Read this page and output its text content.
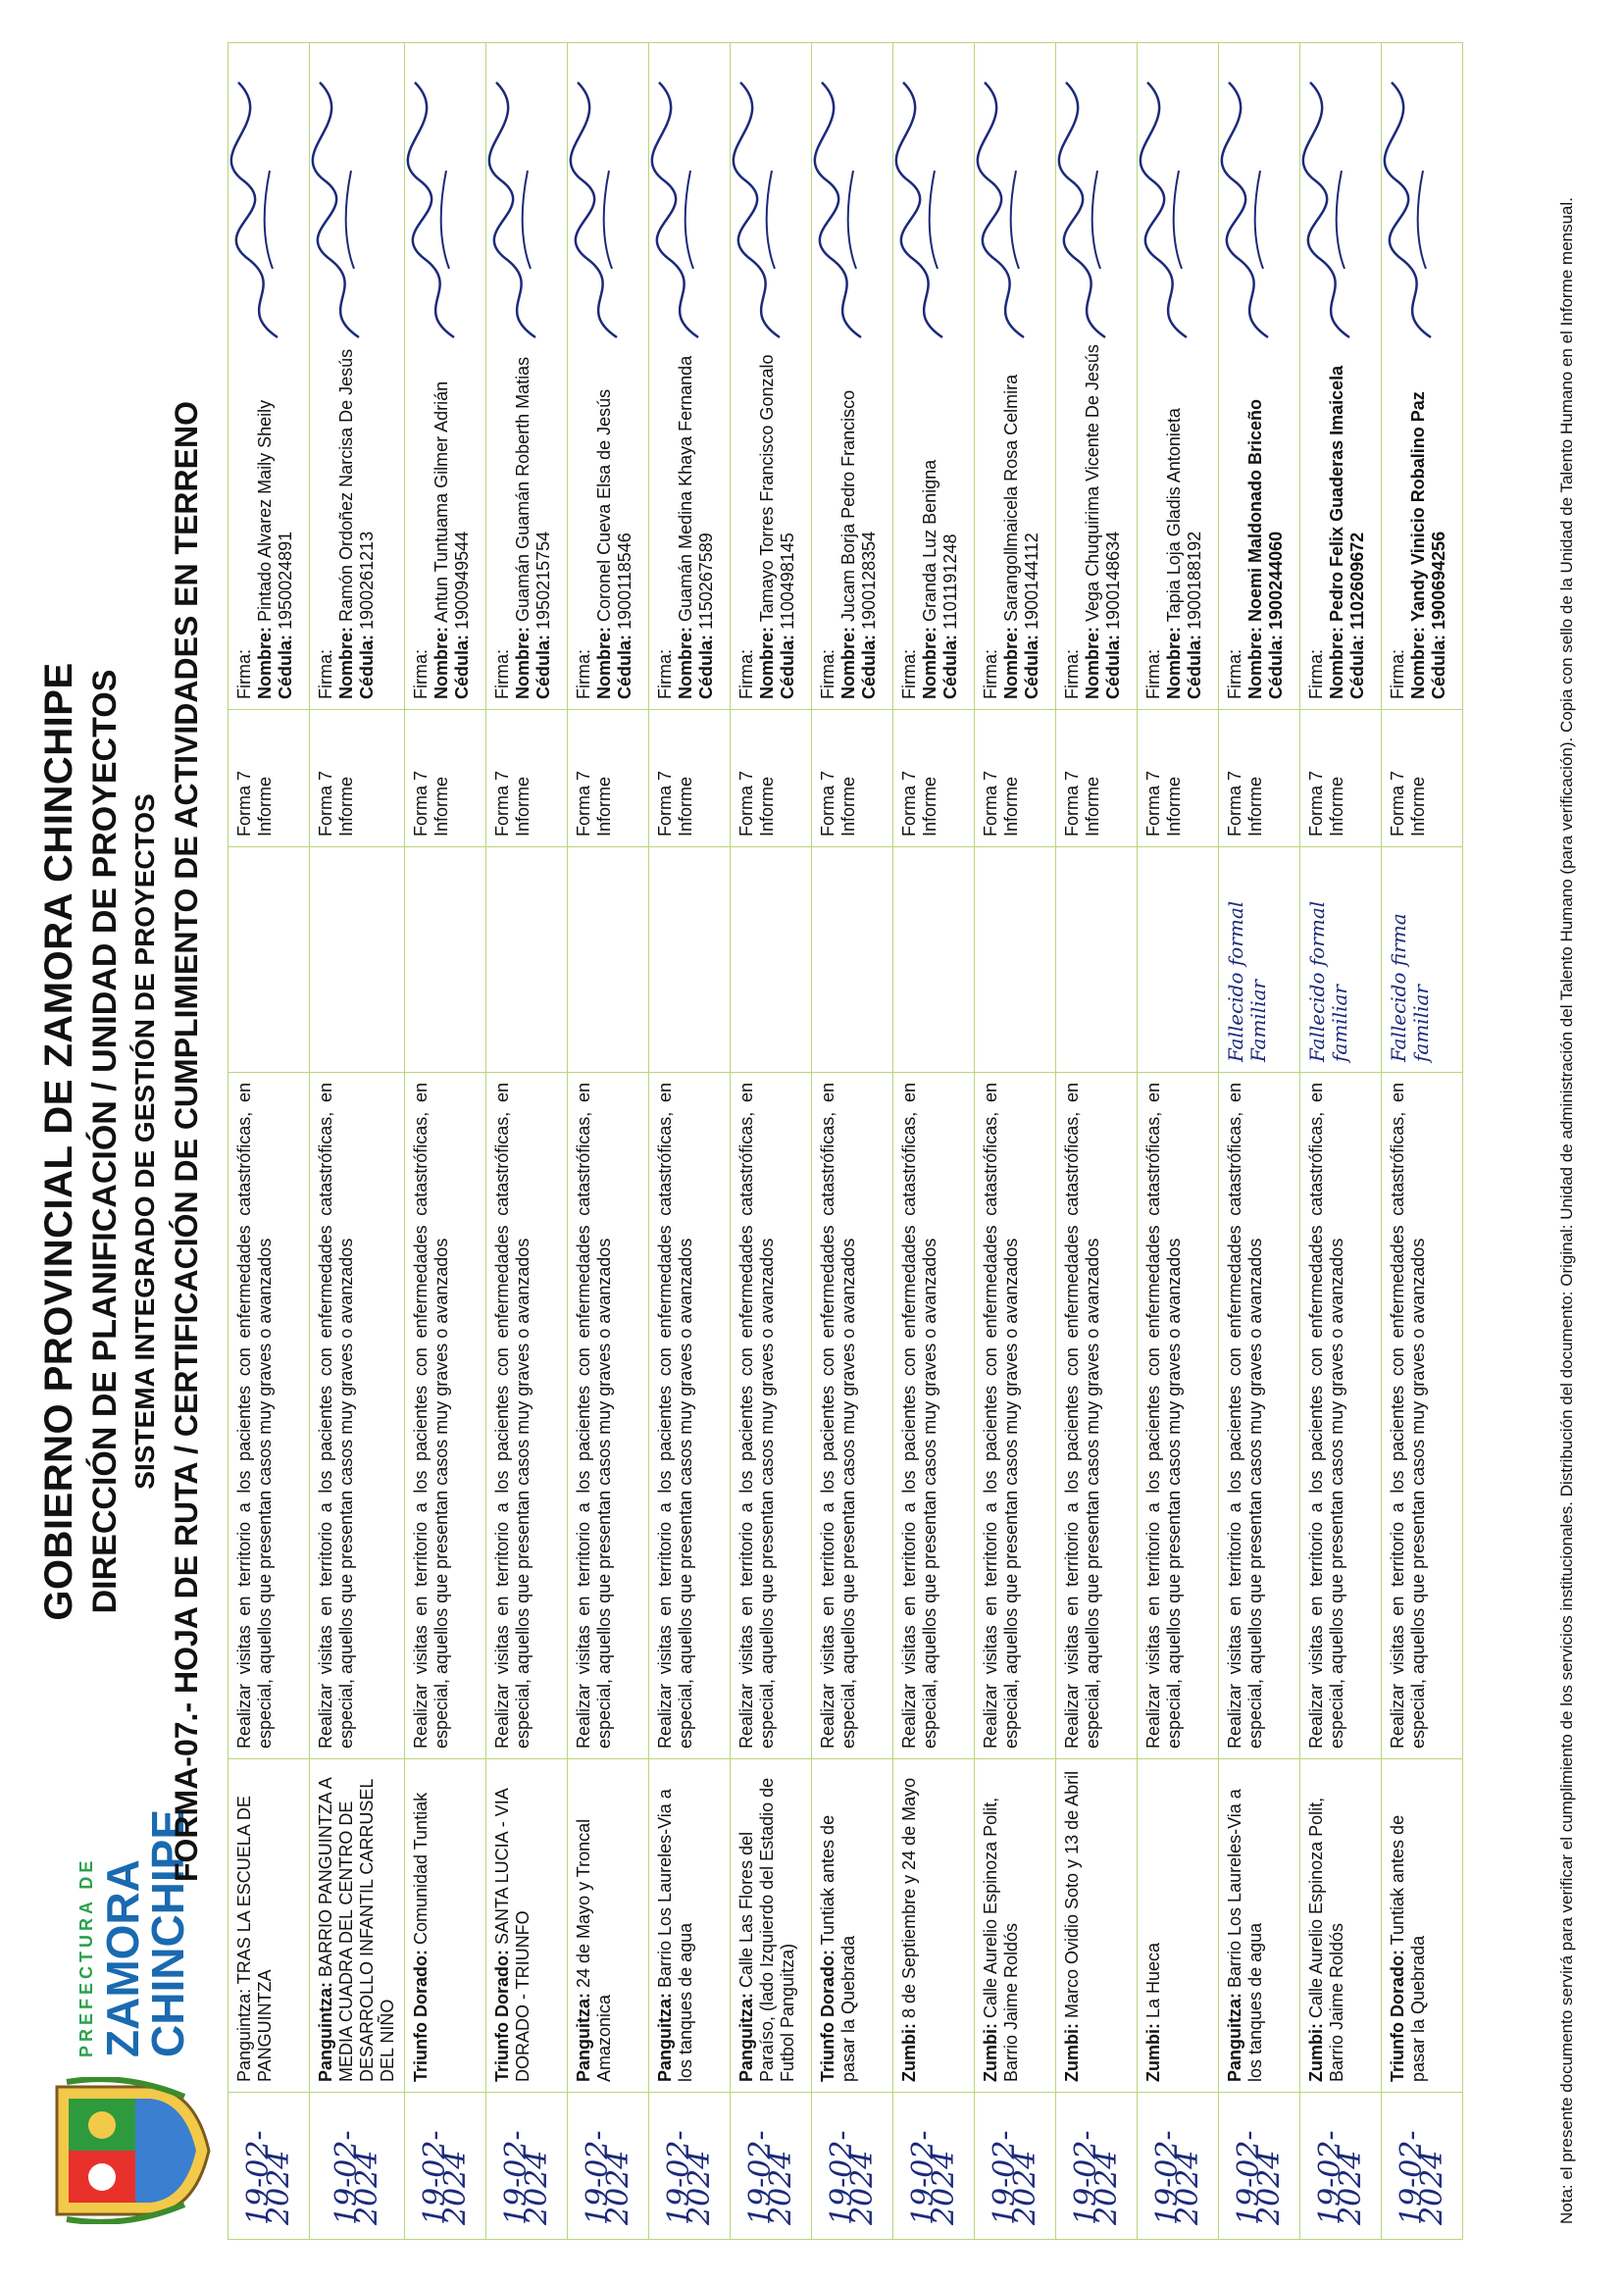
PREFECTURA DE ZAMORA
CHINCHIPE
GOBIERNO PROVINCIAL DE ZAMORA CHINCHIPE DIRECCIÓN DE PLANIFICACIÓN / UNIDAD DE PROYECTOS SISTEMA INTEGRADO DE GESTIÓN DE PROYECTOS FORMA-07.- HOJA DE RUTA / CERTIFICACIÓN DE CUMPLIMIENTO DE ACTIVIDADES EN TERRENO
19-02-2024	Panguintza: TRAS LA ESCUELA DE PANGUINTZA	Realizar visitas en territorio a los pacientes con enfermedades catastróficas, en especial, aquellos que presentan casos muy graves o avanzados		Forma 7 Informe	Firma: Nombre: Pintado Alvarez Maily Sheily
Cédula: 1950024891

19-02-2024	Panguintza: BARRIO PANGUINTZA A MEDIA CUADRA DEL CENTRO DE DESARROLLO INFANTIL CARRUSEL DEL NIÑO	Realizar visitas en territorio a los pacientes con enfermedades catastróficas, en especial, aquellos que presentan casos muy graves o avanzados		Forma 7 Informe	Firma: Nombre: Ramón Ordoñez Narcisa De Jesús
Cédula: 1900261213

19-02-2024	Triunfo Dorado: Comunidad Tuntiak	Realizar visitas en territorio a los pacientes con enfermedades catastróficas, en especial, aquellos que presentan casos muy graves o avanzados		Forma 7 Informe	Firma: Nombre: Antun Tuntuama Gilmer Adrián
Cédula: 1900949544

19-02-2024	Triunfo Dorado: SANTA LUCIA - VIA DORADO - TRIUNFO	Realizar visitas en territorio a los pacientes con enfermedades catastróficas, en especial, aquellos que presentan casos muy graves o avanzados		Forma 7 Informe	Firma: Nombre: Guamán Guamán Roberth Matias
Cédula: 1950215754

19-02-2024	Panguitza: 24 de Mayo y Troncal Amazonica	Realizar visitas en territorio a los pacientes con enfermedades catastróficas, en especial, aquellos que presentan casos muy graves o avanzados		Forma 7 Informe	Firma: Nombre: Coronel Cueva Elsa de Jesús
Cédula: 1900118546

19-02-2024	Panguitza: Barrio Los Laureles-Via a los tanques de agua	Realizar visitas en territorio a los pacientes con enfermedades catastróficas, en especial, aquellos que presentan casos muy graves o avanzados		Forma 7 Informe	Firma: Nombre: Guamán Medina Khaya Fernanda
Cédula: 1150267589

19-02-2024	Panguitza: Calle Las Flores del Paraíso, (lado Izquierdo del Estadio de Futbol Panguitza)	Realizar visitas en territorio a los pacientes con enfermedades catastróficas, en especial, aquellos que presentan casos muy graves o avanzados		Forma 7 Informe	Firma: Nombre: Tamayo Torres Francisco Gonzalo
Cédula: 1100498145

19-02-2024	Triunfo Dorado: Tuntiak antes de pasar la Quebrada	Realizar visitas en territorio a los pacientes con enfermedades catastróficas, en especial, aquellos que presentan casos muy graves o avanzados		Forma 7 Informe	Firma: Nombre: Jucam Borja Pedro Francisco
Cédula: 1900128354

19-02-2024	Zumbi: 8 de Septiembre y 24 de Mayo	Realizar visitas en territorio a los pacientes con enfermedades catastróficas, en especial, aquellos que presentan casos muy graves o avanzados		Forma 7 Informe	Firma: Nombre: Granda Luz Benigna
Cédula: 1101191248

19-02-2024	Zumbi: Calle Aurelio Espinoza Polit, Barrio Jaime Roldós	Realizar visitas en territorio a los pacientes con enfermedades catastróficas, en especial, aquellos que presentan casos muy graves o avanzados		Forma 7 Informe	Firma: Nombre: Sarangollmaicela Rosa Celmira
Cédula: 1900144112

19-02-2024	Zumbi: Marco Ovidio Soto y 13 de Abril	Realizar visitas en territorio a los pacientes con enfermedades catastróficas, en especial, aquellos que presentan casos muy graves o avanzados		Forma 7 Informe	Firma: Nombre: Vega Chuquirima Vicente De Jesús
Cédula: 1900148634

19-02-2024	Zumbi: La Hueca	Realizar visitas en territorio a los pacientes con enfermedades catastróficas, en especial, aquellos que presentan casos muy graves o avanzados		Forma 7 Informe	Firma: Nombre: Tapia Loja Gladis Antonieta
Cédula: 1900188192

19-02-2024	Panguitza: Barrio Los Laureles-Via a los tanques de agua	Realizar visitas en territorio a los pacientes con enfermedades catastróficas, en especial, aquellos que presentan casos muy graves o avanzados	Fallecido formal Familiar	Forma 7 Informe	Firma: Nombre: Noemi Maldonado Briceño
Cédula: 1900244060

19-02-2024	Zumbi: Calle Aurelio Espinoza Polit, Barrio Jaime Roldós	Realizar visitas en territorio a los pacientes con enfermedades catastróficas, en especial, aquellos que presentan casos muy graves o avanzados	Fallecido formal familiar	Forma 7 Informe	Firma: Nombre: Pedro Felix Guaderas Imaicela
Cédula: 1102609672

19-02-2024	Triunfo Dorado: Tuntiak antes de pasar la Quebrada	Realizar visitas en territorio a los pacientes con enfermedades catastróficas, en especial, aquellos que presentan casos muy graves o avanzados	Fallecido firma familiar	Forma 7 Informe	Firma: Nombre: Yandy Vinicio Robalino Paz
Cédula: 1900694256	Nota: el presente documento servirá para verificar el cumplimiento de los servicios institucionales. Distribución del documento: Original: Unidad de administración del Talento Humano (para verificación). Copia con sello de la Unidad de Talento Humano en el Informe mensual.
